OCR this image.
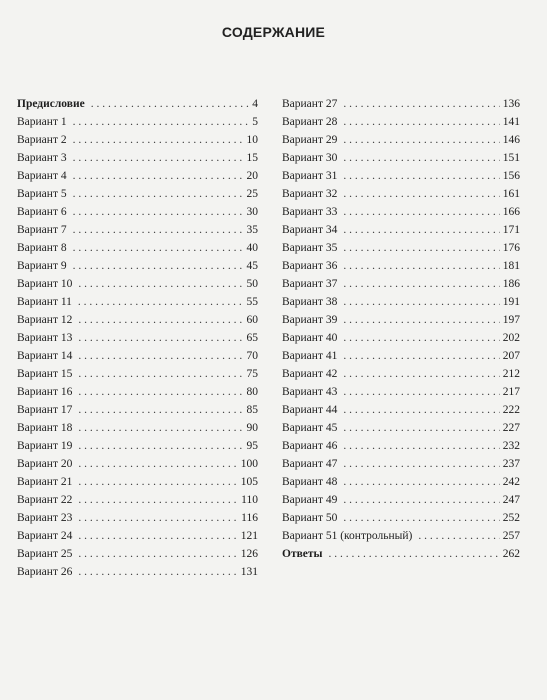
СОДЕРЖАНИЕ
Предисловие . . .	4
Вариант 1 . . .	5
Вариант 2 . . .	10
Вариант 3 . . .	15
Вариант 4 . . .	20
Вариант 5 . . .	25
Вариант 6 . . .	30
Вариант 7 . . .	35
Вариант 8 . . .	40
Вариант 9 . . .	45
Вариант 10 . . .	50
Вариант 11 . . .	55
Вариант 12 . . .	60
Вариант 13 . . .	65
Вариант 14 . . .	70
Вариант 15 . . .	75
Вариант 16 . . .	80
Вариант 17 . . .	85
Вариант 18 . . .	90
Вариант 19 . . .	95
Вариант 20 . . .	100
Вариант 21 . . .	105
Вариант 22 . . .	110
Вариант 23 . . .	116
Вариант 24 . . .	121
Вариант 25 . . .	126
Вариант 26 . . .	131
Вариант 27 . . .	136
Вариант 28 . . .	141
Вариант 29 . . .	146
Вариант 30 . . .	151
Вариант 31 . . .	156
Вариант 32 . . .	161
Вариант 33 . . .	166
Вариант 34 . . .	171
Вариант 35 . . .	176
Вариант 36 . . .	181
Вариант 37 . . .	186
Вариант 38 . . .	191
Вариант 39 . . .	197
Вариант 40 . . .	202
Вариант 41 . . .	207
Вариант 42 . . .	212
Вариант 43 . . .	217
Вариант 44 . . .	222
Вариант 45 . . .	227
Вариант 46 . . .	232
Вариант 47 . . .	237
Вариант 48 . . .	242
Вариант 49 . . .	247
Вариант 50 . . .	252
Вариант 51 (контрольный) . . .	257
Ответы . . .	262
